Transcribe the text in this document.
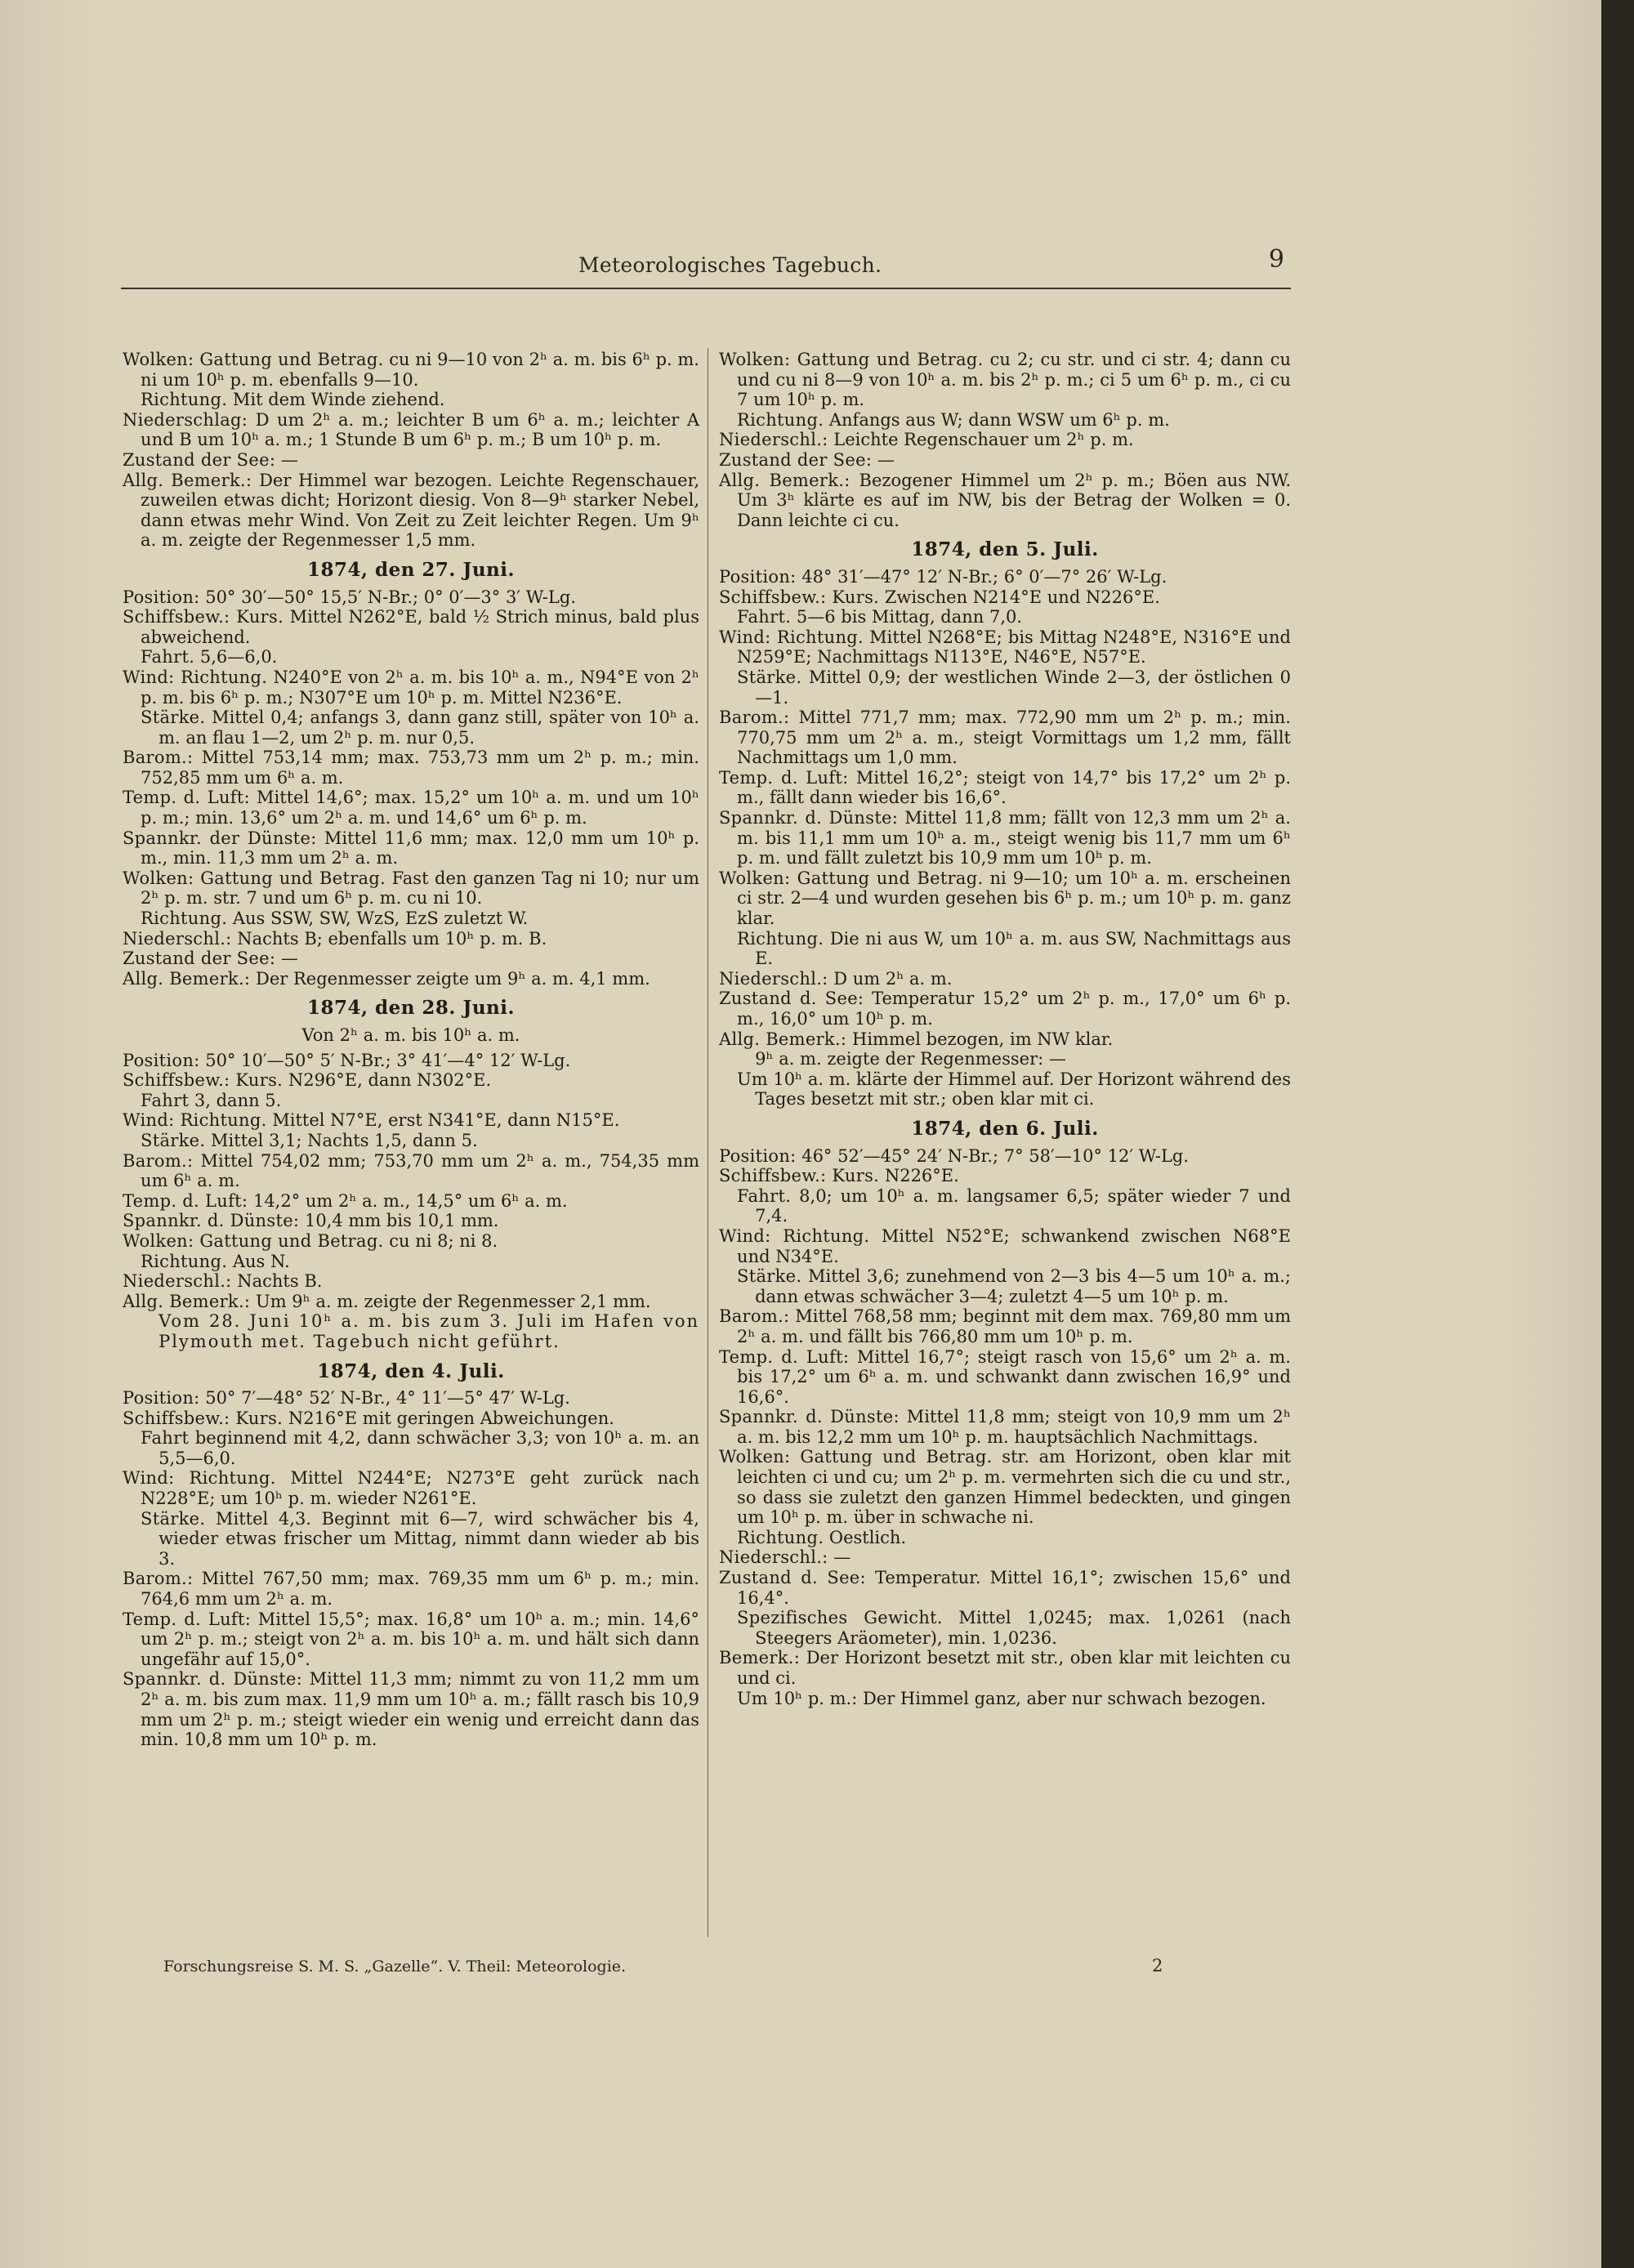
Meteorologisches Tagebuch.	9

Wolken: Gattung und Betrag. cu ni 9—10 von 2ʰ a. m. bis 6ʰ p. m. ni um 10ʰ p. m. ebenfalls 9—10.

Richtung. Mit dem Winde ziehend.

Niederschlag: D um 2ʰ a. m.; leichter B um 6ʰ a. m.; leichter A und B um 10ʰ a. m.; 1 Stunde B um 6ʰ p. m.; B um 10ʰ p. m.

Zustand der See: —

Allg. Bemerk.: Der Himmel war bezogen. Leichte Regenschauer, zuweilen etwas dicht; Horizont diesig. Von 8—9ʰ starker Nebel, dann etwas mehr Wind. Von Zeit zu Zeit leichter Regen. Um 9ʰ a. m. zeigte der Regenmesser 1,5 mm.

1874, den 27. Juni.

Position: 50° 30′—50° 15,5′ N-Br.; 0° 0′—3° 3′ W-Lg.

Schiffsbew.: Kurs. Mittel N262°E, bald ½ Strich minus, bald plus abweichend.

Fahrt. 5,6—6,0.

Wind: Richtung. N240°E von 2ʰ a. m. bis 10ʰ a. m., N94°E von 2ʰ p. m. bis 6ʰ p. m.; N307°E um 10ʰ p. m. Mittel N236°E.

Stärke. Mittel 0,4; anfangs 3, dann ganz still, später von 10ʰ a. m. an flau 1—2, um 2ʰ p. m. nur 0,5.

Barom.: Mittel 753,14 mm; max. 753,73 mm um 2ʰ p. m.; min. 752,85 mm um 6ʰ a. m.

Temp. d. Luft: Mittel 14,6°; max. 15,2° um 10ʰ a. m. und um 10ʰ p. m.; min. 13,6° um 2ʰ a. m. und 14,6° um 6ʰ p. m.

Spannkr. der Dünste: Mittel 11,6 mm; max. 12,0 mm um 10ʰ p. m., min. 11,3 mm um 2ʰ a. m.

Wolken: Gattung und Betrag. Fast den ganzen Tag ni 10; nur um 2ʰ p. m. str. 7 und um 6ʰ p. m. cu ni 10.

Richtung. Aus SSW, SW, WzS, EzS zuletzt W.

Niederschl.: Nachts B; ebenfalls um 10ʰ p. m. B.

Zustand der See: —

Allg. Bemerk.: Der Regenmesser zeigte um 9ʰ a. m. 4,1 mm.

1874, den 28. Juni.
Von 2ʰ a. m. bis 10ʰ a. m.

Position: 50° 10′—50° 5′ N-Br.; 3° 41′—4° 12′ W-Lg.

Schiffsbew.: Kurs. N296°E, dann N302°E.

Fahrt 3, dann 5.

Wind: Richtung. Mittel N7°E, erst N341°E, dann N15°E.

Stärke. Mittel 3,1; Nachts 1,5, dann 5.

Barom.: Mittel 754,02 mm; 753,70 mm um 2ʰ a. m., 754,35 mm um 6ʰ a. m.

Temp. d. Luft: 14,2° um 2ʰ a. m., 14,5° um 6ʰ a. m.

Spannkr. d. Dünste: 10,4 mm bis 10,1 mm.

Wolken: Gattung und Betrag. cu ni 8; ni 8.

Richtung. Aus N.

Niederschl.: Nachts B.

Allg. Bemerk.: Um 9ʰ a. m. zeigte der Regenmesser 2,1 mm.

Vom 28. Juni 10ʰ a. m. bis zum 3. Juli im Hafen von Plymouth met. Tagebuch nicht geführt.

1874, den 4. Juli.

Position: 50° 7′—48° 52′ N-Br., 4° 11′—5° 47′ W-Lg.

Schiffsbew.: Kurs. N216°E mit geringen Abweichungen.

Fahrt beginnend mit 4,2, dann schwächer 3,3; von 10ʰ a. m. an 5,5—6,0.

Wind: Richtung. Mittel N244°E; N273°E geht zurück nach N228°E; um 10ʰ p. m. wieder N261°E.

Stärke. Mittel 4,3. Beginnt mit 6—7, wird schwächer bis 4, wieder etwas frischer um Mittag, nimmt dann wieder ab bis 3.

Barom.: Mittel 767,50 mm; max. 769,35 mm um 6ʰ p. m.; min. 764,6 mm um 2ʰ a. m.

Temp. d. Luft: Mittel 15,5°; max. 16,8° um 10ʰ a. m.; min. 14,6° um 2ʰ p. m.; steigt von 2ʰ a. m. bis 10ʰ a. m. und hält sich dann ungefähr auf 15,0°.

Spannkr. d. Dünste: Mittel 11,3 mm; nimmt zu von 11,2 mm um 2ʰ a. m. bis zum max. 11,9 mm um 10ʰ a. m.; fällt rasch bis 10,9 mm um 2ʰ p. m.; steigt wieder ein wenig und erreicht dann das min. 10,8 mm um 10ʰ p. m.

Wolken: Gattung und Betrag. cu 2; cu str. und ci str. 4; dann cu und cu ni 8—9 von 10ʰ a. m. bis 2ʰ p. m.; ci 5 um 6ʰ p. m., ci cu 7 um 10ʰ p. m.

Richtung. Anfangs aus W; dann WSW um 6ʰ p. m.

Niederschl.: Leichte Regenschauer um 2ʰ p. m.

Zustand der See: —

Allg. Bemerk.: Bezogener Himmel um 2ʰ p. m.; Böen aus NW. Um 3ʰ klärte es auf im NW, bis der Betrag der Wolken = 0. Dann leichte ci cu.

1874, den 5. Juli.

Position: 48° 31′—47° 12′ N-Br.; 6° 0′—7° 26′ W-Lg.

Schiffsbew.: Kurs. Zwischen N214°E und N226°E.

Fahrt. 5—6 bis Mittag, dann 7,0.

Wind: Richtung. Mittel N268°E; bis Mittag N248°E, N316°E und N259°E; Nachmittags N113°E, N46°E, N57°E.

Stärke. Mittel 0,9; der westlichen Winde 2—3, der östlichen 0—1.

Barom.: Mittel 771,7 mm; max. 772,90 mm um 2ʰ p. m.; min. 770,75 mm um 2ʰ a. m., steigt Vormittags um 1,2 mm, fällt Nachmittags um 1,0 mm.

Temp. d. Luft: Mittel 16,2°; steigt von 14,7° bis 17,2° um 2ʰ p. m., fällt dann wieder bis 16,6°.

Spannkr. d. Dünste: Mittel 11,8 mm; fällt von 12,3 mm um 2ʰ a. m. bis 11,1 mm um 10ʰ a. m., steigt wenig bis 11,7 mm um 6ʰ p. m. und fällt zuletzt bis 10,9 mm um 10ʰ p. m.

Wolken: Gattung und Betrag. ni 9—10; um 10ʰ a. m. erscheinen ci str. 2—4 und wurden gesehen bis 6ʰ p. m.; um 10ʰ p. m. ganz klar.

Richtung. Die ni aus W, um 10ʰ a. m. aus SW, Nachmittags aus E.

Niederschl.: D um 2ʰ a. m.

Zustand d. See: Temperatur 15,2° um 2ʰ p. m., 17,0° um 6ʰ p. m., 16,0° um 10ʰ p. m.

Allg. Bemerk.: Himmel bezogen, im NW klar.

9ʰ a. m. zeigte der Regenmesser: —

Um 10ʰ a. m. klärte der Himmel auf. Der Horizont während des Tages besetzt mit str.; oben klar mit ci.

1874, den 6. Juli.

Position: 46° 52′—45° 24′ N-Br.; 7° 58′—10° 12′ W-Lg.

Schiffsbew.: Kurs. N226°E.

Fahrt. 8,0; um 10ʰ a. m. langsamer 6,5; später wieder 7 und 7,4.

Wind: Richtung. Mittel N52°E; schwankend zwischen N68°E und N34°E.

Stärke. Mittel 3,6; zunehmend von 2—3 bis 4—5 um 10ʰ a. m.; dann etwas schwächer 3—4; zuletzt 4—5 um 10ʰ p. m.

Barom.: Mittel 768,58 mm; beginnt mit dem max. 769,80 mm um 2ʰ a. m. und fällt bis 766,80 mm um 10ʰ p. m.

Temp. d. Luft: Mittel 16,7°; steigt rasch von 15,6° um 2ʰ a. m. bis 17,2° um 6ʰ a. m. und schwankt dann zwischen 16,9° und 16,6°.

Spannkr. d. Dünste: Mittel 11,8 mm; steigt von 10,9 mm um 2ʰ a. m. bis 12,2 mm um 10ʰ p. m. hauptsächlich Nachmittags.

Wolken: Gattung und Betrag. str. am Horizont, oben klar mit leichten ci und cu; um 2ʰ p. m. vermehrten sich die cu und str., so dass sie zuletzt den ganzen Himmel bedeckten, und gingen um 10ʰ p. m. über in schwache ni.

Richtung. Oestlich.

Niederschl.: —

Zustand d. See: Temperatur. Mittel 16,1°; zwischen 15,6° und 16,4°.

Spezifisches Gewicht. Mittel 1,0245; max. 1,0261 (nach Steegers Aräometer), min. 1,0236.

Bemerk.: Der Horizont besetzt mit str., oben klar mit leichten cu und ci.

Um 10ʰ p. m.: Der Himmel ganz, aber nur schwach bezogen.

Forschungsreise S. M. S. „Gazelle“. V. Theil: Meteorologie.	2
